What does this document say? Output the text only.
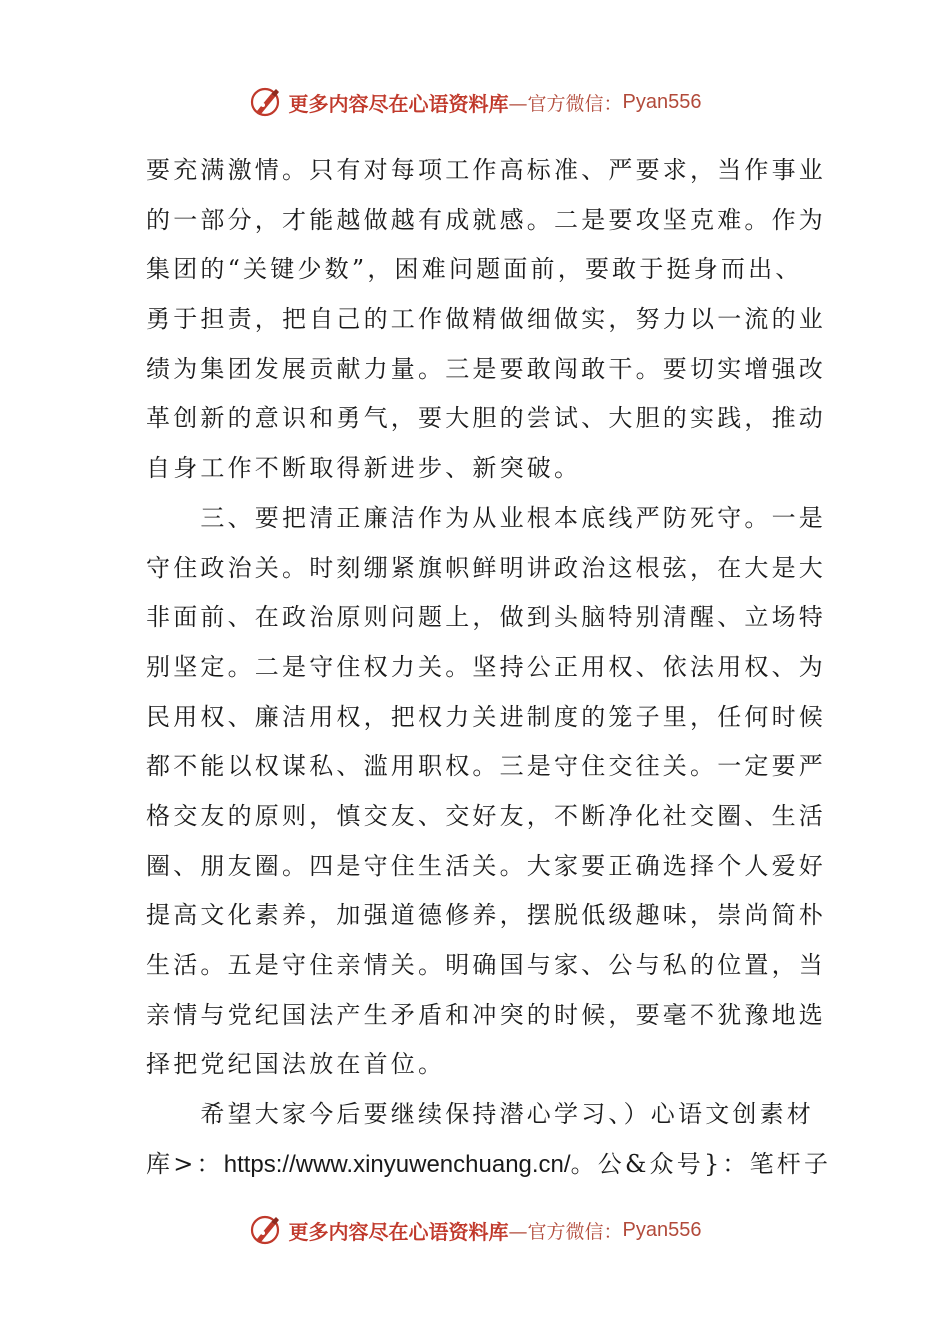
更多内容尽在心语资料库 —官方微信： Pyan556

要充满激情。只有对每项工作高标准、严要求，当作事业
的一部分，才能越做越有成就感。二是要攻坚克难。作为
集团的“关键少数”，困难问题面前，要敢于挺身而出、
勇于担责，把自己的工作做精做细做实，努力以一流的业
绩为集团发展贡献力量。三是要敢闯敢干。要切实增强改
革创新的意识和勇气，要大胆的尝试、大胆的实践，推动
自身工作不断取得新进步、新突破。
　　三、要把清正廉洁作为从业根本底线严防死守。一是
守住政治关。时刻绷紧旗帜鲜明讲政治这根弦，在大是大
非面前、在政治原则问题上，做到头脑特别清醒、立场特
别坚定。二是守住权力关。坚持公正用权、依法用权、为
民用权、廉洁用权，把权力关进制度的笼子里，任何时候
都不能以权谋私、滥用职权。三是守住交往关。一定要严
格交友的原则，慎交友、交好友，不断净化社交圈、生活
圈、朋友圈。四是守住生活关。大家要正确选择个人爱好
提高文化素养，加强道德修养，摆脱低级趣味，崇尚简朴
生活。五是守住亲情关。明确国与家、公与私的位置，当
亲情与党纪国法产生矛盾和冲突的时候，要毫不犹豫地选
择把党纪国法放在首位。
　　希望大家今后要继续保持潜心学习、）心语文创素材
库>：https://www.xinyuwenchuang.cn/。公&众号}：笔杆子

更多内容尽在心语资料库 —官方微信： Pyan556
